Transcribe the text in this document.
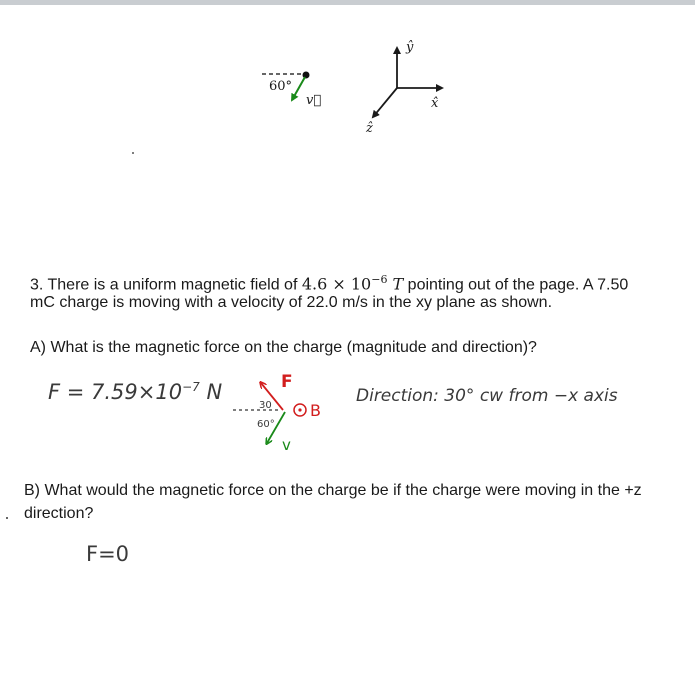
60°
v⃗
ŷ
x̂
ẑ
3. There is a uniform magnetic field of $4.6 \times 10^{-6}$ T pointing out of the page. A 7.50
mC charge is moving with a velocity of 22.0 m/s in the xy plane as shown.
A) What is the magnetic force on the charge (magnitude and direction)?
$F = 7.59\times 10^{-7}$ N	F
30
60°
v
B
Direction: 30° cw from −x axis
B) What would the magnetic force on the charge be if the charge were moving in the +z
direction?
F=0
